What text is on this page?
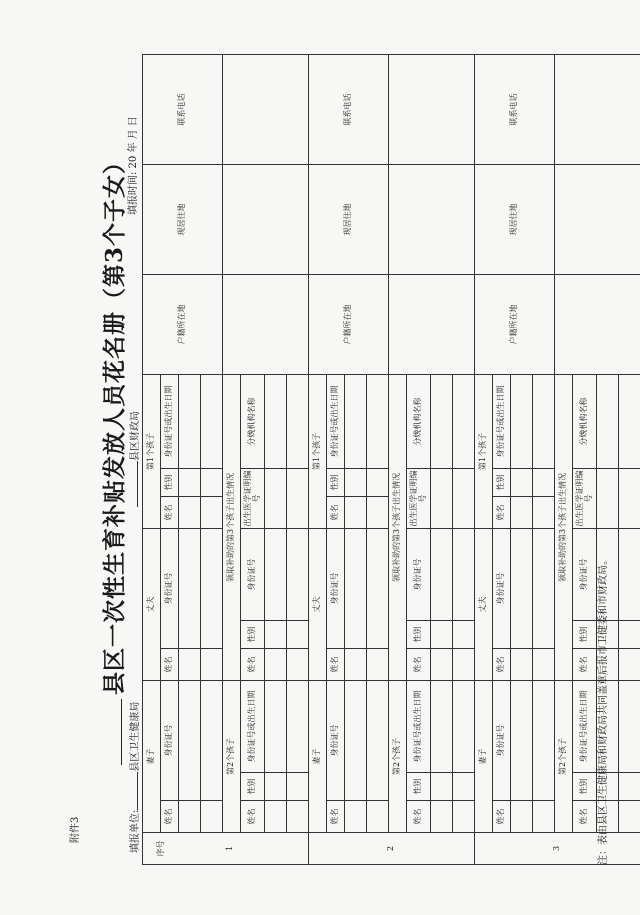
附件3
县区一次性生育补贴发放人员花名册（第3个子女）
填报单位:县区卫生健康局
县区财政局
填报时间: 20 年 月 日
序号 1	妻子			丈夫			第1个孩子			户籍所在地	现居住地	联系电话
	姓名	身份证号		姓名	身份证号		姓名	性别	身份证号或出生日期			

	第2个孩子			领取补助的第3个孩子出生情况								
	姓名	性别	身份证号或出生日期	姓名	性别	身份证号	出生医学证明编号		分娩机构名称			

2	妻子			丈夫			第1个孩子			户籍所在地	现居住地	联系电话
	姓名	身份证号		姓名	身份证号		姓名	性别	身份证号或出生日期			

	第2个孩子			领取补助的第3个孩子出生情况								
	姓名	性别	身份证号或出生日期	姓名	性别	身份证号	出生医学证明编号		分娩机构名称			

3	妻子			丈夫			第1个孩子			户籍所在地	现居住地	联系电话
	姓名	身份证号		姓名	身份证号		姓名	性别	身份证号或出生日期			

	第2个孩子			领取补助的第3个孩子出生情况								
	姓名	性别	身份证号或出生日期	姓名	性别	身份证号	出生医学证明编号		分娩机构名称			

注：表由县区卫生健康局和财政局共同盖章后报市卫健委和市财政局。
